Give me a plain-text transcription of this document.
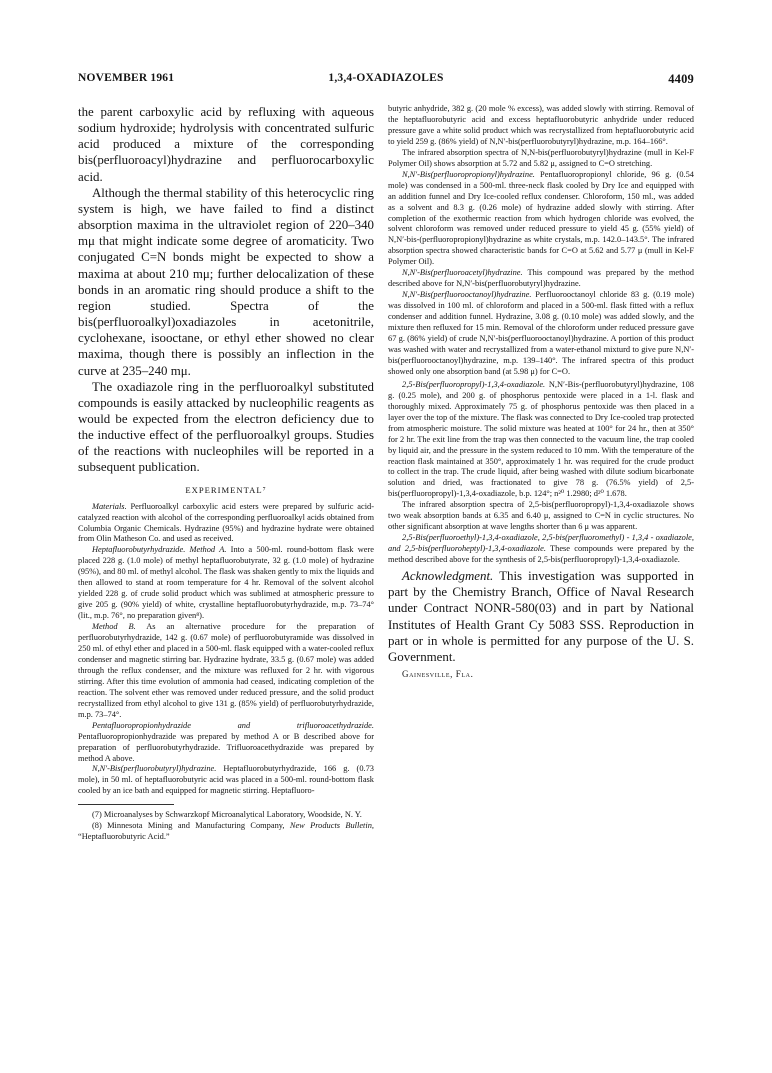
NOVEMBER 1961	1,3,4-OXADIAZOLES	4409

the parent carboxylic acid by refluxing with aqueous sodium hydroxide; hydrolysis with concentrated sulfuric acid produced a mixture of the corresponding bis(perfluoroacyl)hydrazine and perfluorocarboxylic acid.

Although the thermal stability of this heterocyclic ring system is high, we have failed to find a distinct absorption maxima in the ultraviolet region of 220–340 mμ that might indicate some degree of aromaticity. Two conjugated C=N bonds might be expected to show a maxima at about 210 mμ; further delocalization of these bonds in an aromatic ring should produce a shift to the region studied. Spectra of the bis(perfluoroalkyl)oxadiazoles in acetonitrile, cyclohexane, isooctane, or ethyl ether showed no clear maxima, though there is possibly an inflection in the curve at 235–240 mμ.

The oxadiazole ring in the perfluoroalkyl substituted compounds is easily attacked by nucleophilic reagents as would be expected from the electron deficiency due to the inductive effect of the perfluoroalkyl groups. Studies of the reactions with nucleophiles will be reported in a subsequent publication.

EXPERIMENTAL⁷

Materials. Perfluoroalkyl carboxylic acid esters were prepared by sulfuric acid-catalyzed reaction with alcohol of the corresponding perfluoroalkyl acids obtained from Columbia Organic Chemicals. Hydrazine (95%) and hydrazine hydrate were obtained from Olin Matheson Co. and used as received.

Heptafluorobutyrhydrazide. Method A. Into a 500-ml. round-bottom flask were placed 228 g. (1.0 mole) of methyl heptafluorobutyrate, 32 g. (1.0 mole) of hydrazine (95%), and 80 ml. of methyl alcohol. The flask was shaken gently to mix the liquids and then allowed to stand at room temperature for 4 hr. Removal of the solvent alcohol yielded 228 g. of crude solid product which was sublimed at atmospheric pressure to give 205 g. (90% yield) of white, crystalline heptafluorobutyrhydrazide, m.p. 73–74° (lit., m.p. 76°, no preparation given⁸).

Method B. As an alternative procedure for the preparation of perfluorobutyrhydrazide, 142 g. (0.67 mole) of perfluorobutyramide was dissolved in 250 ml. of ethyl ether and placed in a 500-ml. flask equipped with a water-cooled reflux condenser and magnetic stirring bar. Hydrazine hydrate, 33.5 g. (0.67 mole) was added through the reflux condenser, and the mixture was refluxed for 2 hr. with vigorous stirring. After this time evolution of ammonia had ceased, indicating completion of the reaction. The solvent ether was removed under reduced pressure, and the solid product recrystallized from ethyl alcohol to give 131 g. (85% yield) of perfluorobutyrhydrazide, m.p. 73–74°.

Pentafluoropropionhydrazide and trifluoroacethydrazide. Pentafluoropropionhydrazide was prepared by method A or B described above for preparation of perfluorobutyrhydrazide. Trifluoroacethydrazide was prepared by method A above.

N,N′-Bis(perfluorobutyryl)hydrazine. Heptafluorobutyrhydrazide, 166 g. (0.73 mole), in 50 ml. of heptafluorobutyric acid was placed in a 500-ml. round-bottom flask cooled by an ice bath and equipped for magnetic stirring. Heptafluoro-

(7) Microanalyses by Schwarzkopf Microanalytical Laboratory, Woodside, N. Y.

(8) Minnesota Mining and Manufacturing Company, New Products Bulletin, “Heptafluorobutyric Acid.”

butyric anhydride, 382 g. (20 mole % excess), was added slowly with stirring. Removal of the heptafluorobutyric acid and excess heptafluorobutyric anhydride under reduced pressure gave a white solid product which was recrystallized from heptafluorobutyric acid to yield 259 g. (86% yield) of N,N′-bis(perfluorobutyryl)hydrazine, m.p. 164–166°.

The infrared absorption spectra of N,N-bis(perfluorobutyryl)hydrazine (mull in Kel-F Polymer Oil) shows absorption at 5.72 and 5.82 μ, assigned to C=O stretching.

N,N′-Bis(perfluoropropionyl)hydrazine. Pentafluoropropionyl chloride, 96 g. (0.54 mole) was condensed in a 500-ml. three-neck flask cooled by Dry Ice and equipped with an addition funnel and Dry Ice-cooled reflux condenser. Chloroform, 150 ml., was added as a solvent and 8.3 g. (0.26 mole) of hydrazine added slowly with stirring. After completion of the exothermic reaction from which hydrogen chloride was evolved, the solvent chloroform was removed under reduced pressure to yield 45 g. (55% yield) of N,N′-bis-(perfluoropropionyl)hydrazine as white crystals, m.p. 142.0–143.5°. The infrared absorption spectra showed characteristic bands for C=O at 5.62 and 5.77 μ (mull in Kel-F Polymer Oil).

N,N′-Bis(perfluoroacetyl)hydrazine. This compound was prepared by the method described above for N,N′-bis(perfluorobutyryl)hydrazine.

N,N′-Bis(perfluorooctanoyl)hydrazine. Perfluorooctanoyl chloride 83 g. (0.19 mole) was dissolved in 100 ml. of chloroform and placed in a 500-ml. flask fitted with a reflux condenser and addition funnel. Hydrazine, 3.08 g. (0.10 mole) was added slowly, and the mixture then refluxed for 15 min. Removal of the chloroform under reduced pressure gave 67 g. (86% yield) of crude N,N′-bis(perfluorooctanoyl)hydrazine. A portion of this product was washed with water and recrystallized from a water-ethanol mixturd to give pure N,N′-bis(perfluorooctanoyl)hydrazine, m.p. 139–140°. The infrared spectra of this product showed only one absorption band (at 5.98 μ) for C=O.

2,5-Bis(perfluoropropyl)-1,3,4-oxadiazole. N,N′-Bis-(perfluorobutyryl)hydrazine, 108 g. (0.25 mole), and 200 g. of phosphorus pentoxide were placed in a 1-l. flask and thoroughly mixed. Approximately 75 g. of phosphorus pentoxide was then placed in a layer over the top of the mixture. The flask was connected to Dry Ice-cooled trap protected from atmospheric moisture. The solid mixture was heated at 100° for 24 hr., then at 350° for 2 hr. The exit line from the trap was then connected to the vacuum line, the trap cooled by liquid air, and the pressure in the system reduced to 10 mm. With the temperature of the reaction flask maintained at 350°, approximately 1 hr. was required for the crude product to collect in the trap. The crude liquid, after being washed with dilute sodium bicarbonate solution and dried, was fractionated to give 78 g. (76.5% yield) of 2,5-bis(perfluoropropyl)-1,3,4-oxadiazole, b.p. 124°; n²⁰ 1.2980; d²⁰ 1.678.

The infrared absorption spectra of 2,5-bis(perfluoropropyl)-1,3,4-oxadiazole shows two weak absorption bands at 6.35 and 6.40 μ, assigned to C=N in cyclic structures. No other significant absorption at wave lengths shorter than 6 μ was apparent.

2,5-Bis(perfluoroethyl)-1,3,4-oxadiazole, 2,5-bis(perfluoromethyl) - 1,3,4 - oxadiazole, and 2,5-bis(perfluoroheptyl)-1,3,4-oxadiazole. These compounds were prepared by the method described above for the synthesis of 2,5-bis(perfluoropropyl)-1,3,4-oxadiazole.

Acknowledgment. This investigation was supported in part by the Chemistry Branch, Office of Naval Research under Contract NONR-580(03) and in part by National Institutes of Health Grant Cy 5083 SSS. Reproduction in part or in whole is permitted for any purpose of the U. S. Government.

Gainesville, Fla.
